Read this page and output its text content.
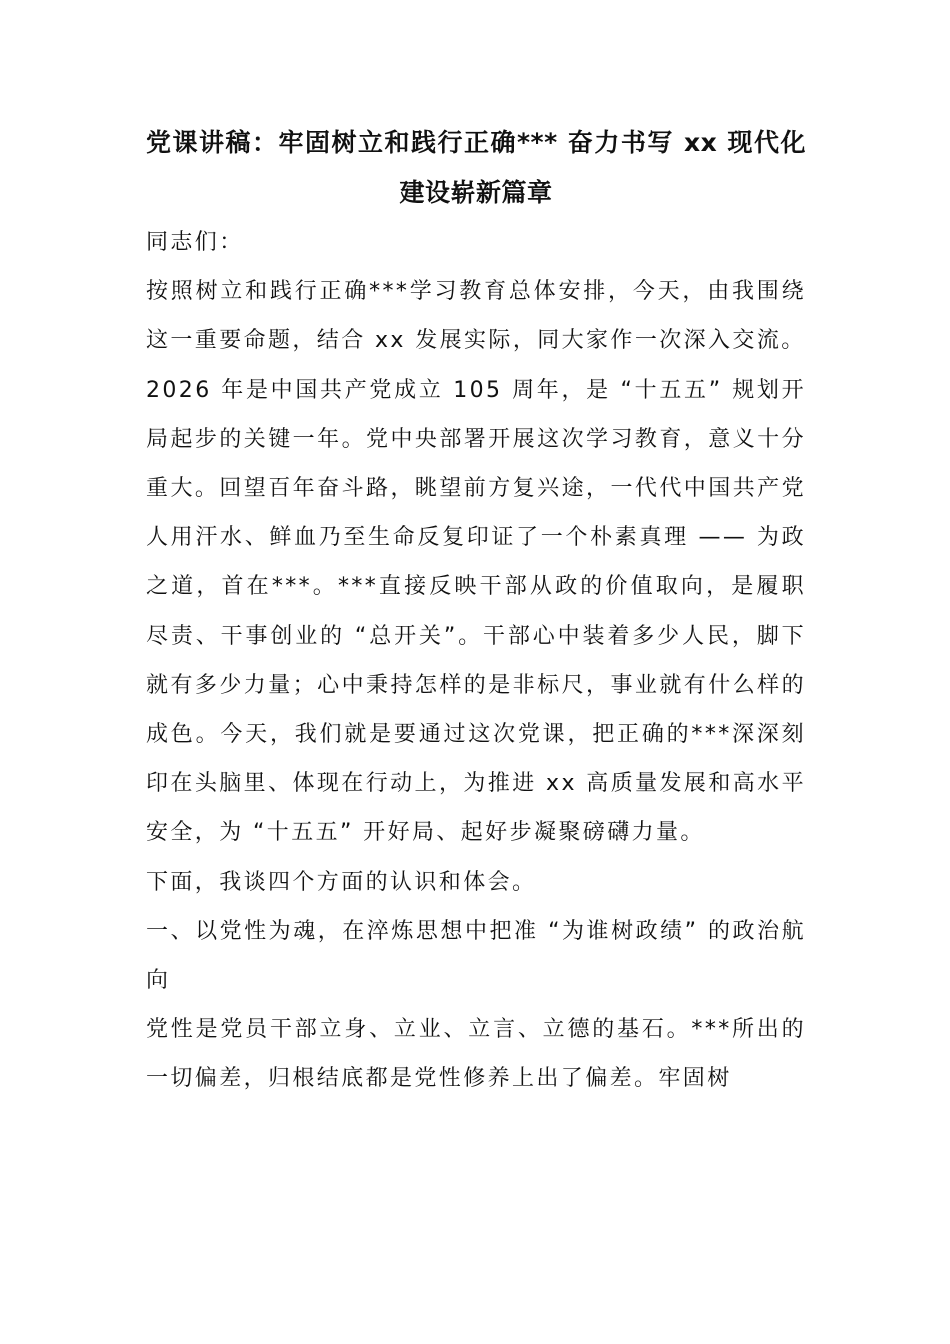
党课讲稿：牢固树立和践行正确*** 奋力书写 xx 现代化建设崭新篇章

同志们：

按照树立和践行正确***学习教育总体安排，今天，由我围绕这一重要命题，结合 xx 发展实际，同大家作一次深入交流。

2026 年是中国共产党成立 105 周年，是 “十五五” 规划开局起步的关键一年。党中央部署开展这次学习教育，意义十分重大。回望百年奋斗路，眺望前方复兴途，一代代中国共产党人用汗水、鲜血乃至生命反复印证了一个朴素真理 —— 为政之道，首在***。***直接反映干部从政的价值取向，是履职尽责、干事创业的 “总开关”。干部心中装着多少人民，脚下就有多少力量；心中秉持怎样的是非标尺，事业就有什么样的成色。今天，我们就是要通过这次党课，把正确的***深深刻印在头脑里、体现在行动上，为推进 xx 高质量发展和高水平安全，为 “十五五” 开好局、起好步凝聚磅礴力量。

下面，我谈四个方面的认识和体会。

一、以党性为魂，在淬炼思想中把准 “为谁树政绩” 的政治航向

党性是党员干部立身、立业、立言、立德的基石。***所出的一切偏差，归根结底都是党性修养上出了偏差。牢固树
